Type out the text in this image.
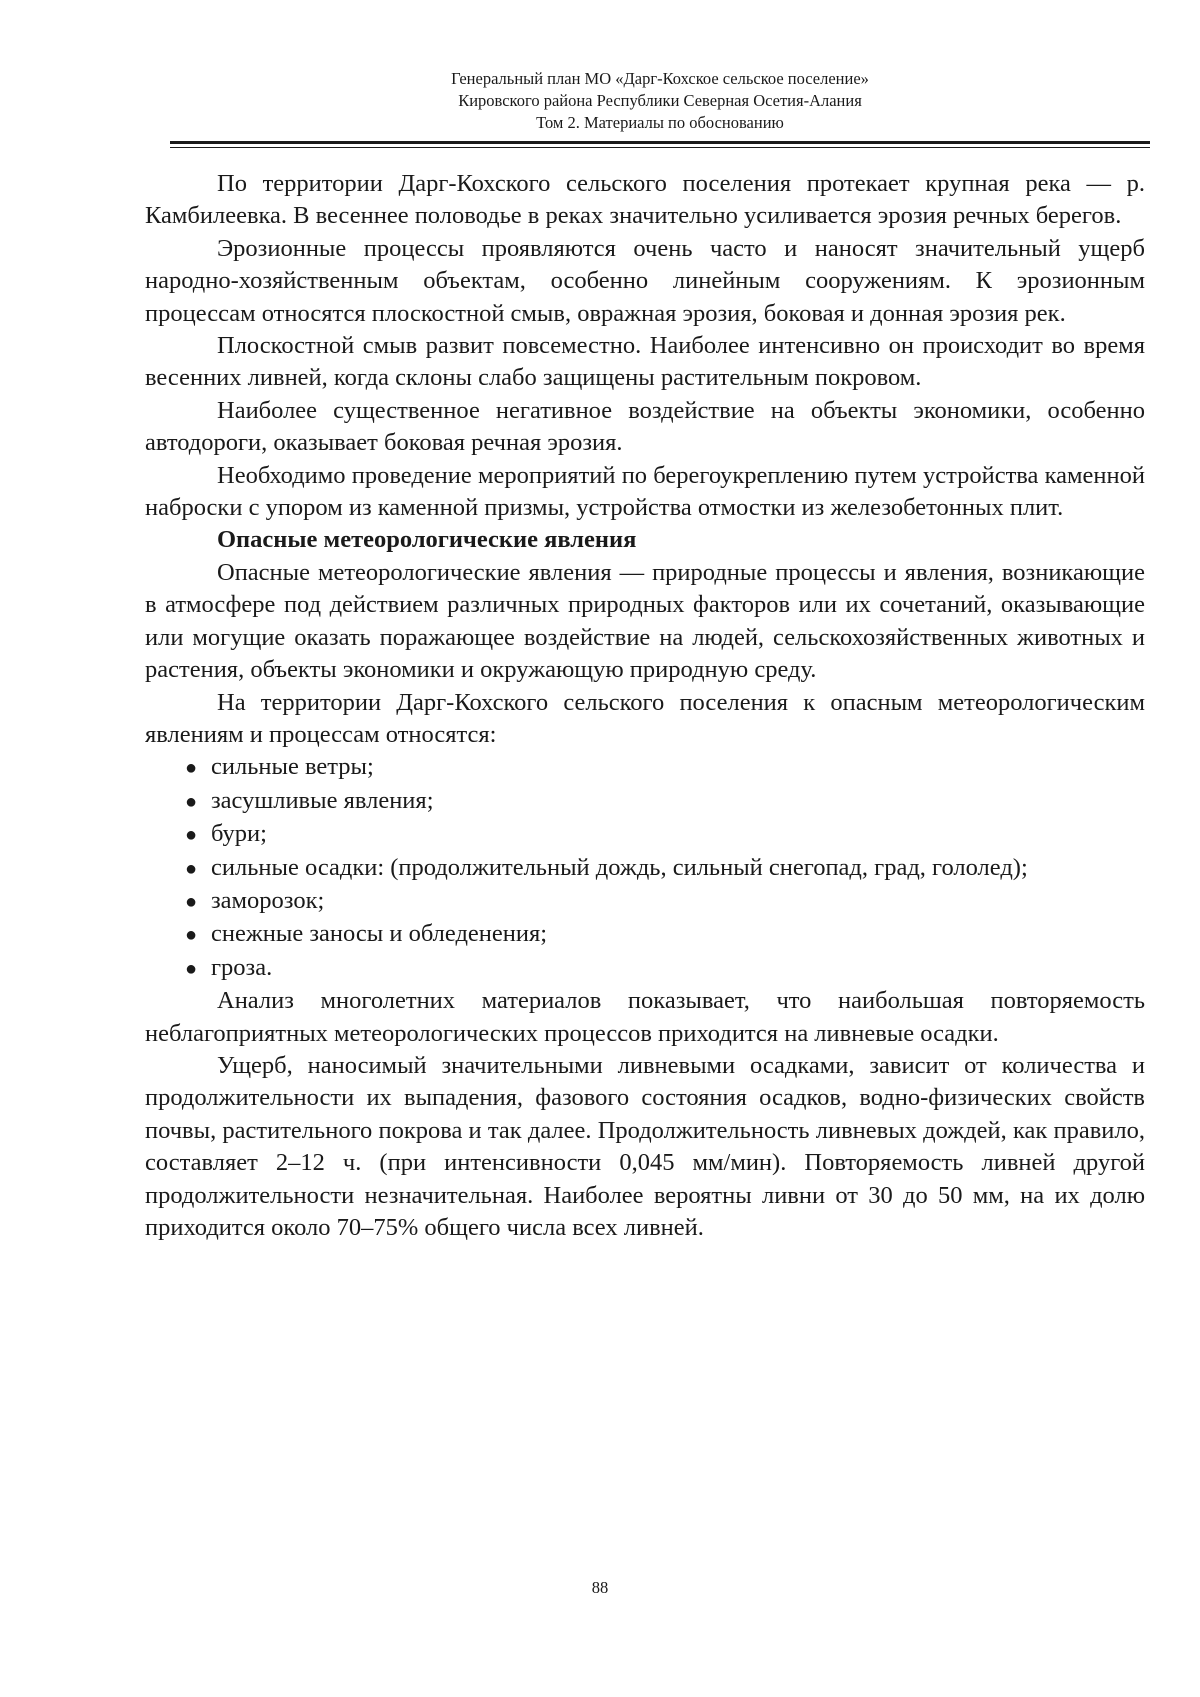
Генеральный план МО «Дарг-Кохское сельское поселение»
Кировского района Республики Северная Осетия-Алания
Том 2. Материалы по обоснованию

По территории Дарг-Кохского сельского поселения протекает крупная река — р. Камбилеевка. В весеннее половодье в реках значительно усиливается эрозия речных берегов.

Эрозионные процессы проявляются очень часто и наносят значительный ущерб народно-хозяйственным объектам, особенно линейным сооружениям. К эрозионным процессам относятся плоскостной смыв, овражная эрозия, боковая и донная эрозия рек.

Плоскостной смыв развит повсеместно. Наиболее интенсивно он происходит во время весенних ливней, когда склоны слабо защищены растительным покровом.

Наиболее существенное негативное воздействие на объекты экономики, особенно автодороги, оказывает боковая речная эрозия.

Необходимо проведение мероприятий по берегоукреплению путем устройства каменной наброски с упором из каменной призмы, устройства отмостки из железобетонных плит.

Опасные метеорологические явления

Опасные метеорологические явления — природные процессы и явления, возникающие в атмосфере под действием различных природных факторов или их сочетаний, оказывающие или могущие оказать поражающее воздействие на людей, сельскохозяйственных животных и растения, объекты экономики и окружающую природную среду.

На территории Дарг-Кохского сельского поселения к опасным метеорологическим явлениям и процессам относятся:

● сильные ветры;
● засушливые явления;
● бури;
● сильные осадки: (продолжительный дождь, сильный снегопад, град, гололед);
● заморозок;
● снежные заносы и обледенения;
● гроза.

Анализ многолетних материалов показывает, что наибольшая повторяемость неблагоприятных метеорологических процессов приходится на ливневые осадки.

Ущерб, наносимый значительными ливневыми осадками, зависит от количества и продолжительности их выпадения, фазового состояния осадков, водно-физических свойств почвы, растительного покрова и так далее. Продолжительность ливневых дождей, как правило, составляет 2–12 ч. (при интенсивности 0,045 мм/мин). Повторяемость ливней другой продолжительности незначительная. Наиболее вероятны ливни от 30 до 50 мм, на их долю приходится около 70–75% общего числа всех ливней.

88
